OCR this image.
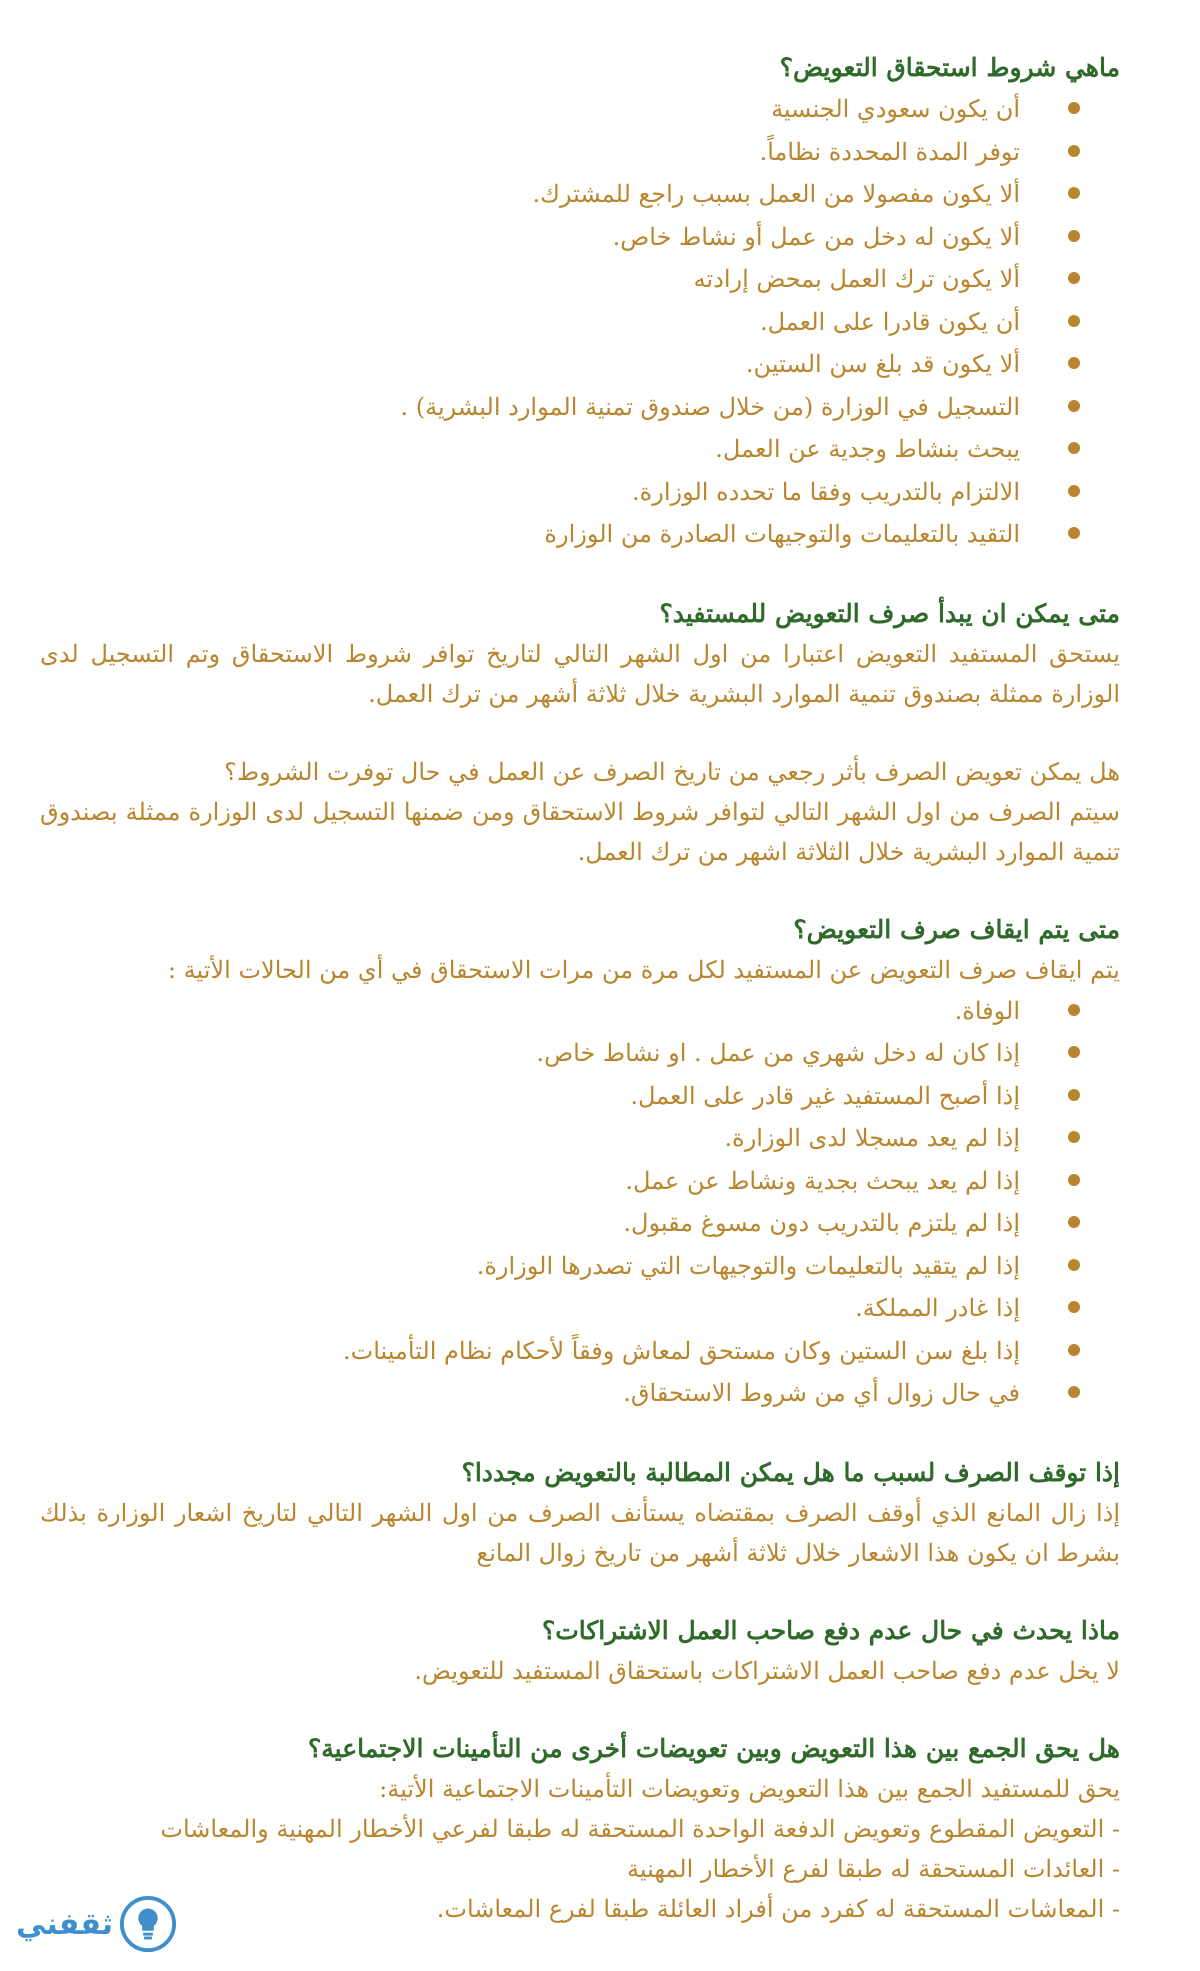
ماهي شروط استحقاق التعويض؟
أن يكون سعودي الجنسية
توفر المدة المحددة نظاماً.
ألا يكون مفصولا من العمل بسبب راجع للمشترك.
ألا يكون له دخل من عمل أو نشاط خاص.
ألا يكون ترك العمل بمحض إرادته
أن يكون قادرا على العمل.
ألا يكون قد بلغ سن الستين.
التسجيل في الوزارة (من خلال صندوق تمنية الموارد البشرية) .
يبحث بنشاط وجدية عن العمل.
الالتزام بالتدريب وفقا ما تحدده الوزارة.
التقيد بالتعليمات والتوجيهات الصادرة من الوزارة
متى يمكن ان يبدأ صرف التعويض للمستفيد؟

يستحق المستفيد التعويض اعتبارا من اول الشهر التالي لتاريخ توافر شروط الاستحقاق وتم التسجيل لدى الوزارة ممثلة بصندوق تنمية الموارد البشرية خلال ثلاثة أشهر من ترك العمل.

هل يمكن تعويض الصرف بأثر رجعي من تاريخ الصرف عن العمل في حال توفرت الشروط؟

سيتم الصرف من اول الشهر التالي لتوافر شروط الاستحقاق ومن ضمنها التسجيل لدى الوزارة ممثلة بصندوق تنمية الموارد البشرية خلال الثلاثة اشهر من ترك العمل.

متى يتم ايقاف صرف التعويض؟

يتم ايقاف صرف التعويض عن المستفيد لكل مرة من مرات الاستحقاق في أي من الحالات الأتية :

الوفاة.
إذا كان له دخل شهري من عمل . او نشاط خاص.
إذا أصبح المستفيد غير قادر على العمل.
إذا لم يعد مسجلا لدى الوزارة.
إذا لم يعد يبحث بجدية ونشاط عن عمل.
إذا لم يلتزم بالتدريب دون مسوغ مقبول.
إذا لم يتقيد بالتعليمات والتوجيهات التي تصدرها الوزارة.
إذا غادر المملكة.
إذا بلغ سن الستين وكان مستحق لمعاش وفقاً لأحكام نظام التأمينات.
في حال زوال أي من شروط الاستحقاق.
إذا توقف الصرف لسبب ما هل يمكن المطالبة بالتعويض مجددا؟

إذا زال المانع الذي أوقف الصرف بمقتضاه يستأنف الصرف من اول الشهر التالي لتاريخ اشعار الوزارة بذلك بشرط ان يكون هذا الاشعار خلال ثلاثة أشهر من تاريخ زوال المانع

ماذا يحدث في حال عدم دفع صاحب العمل الاشتراكات؟

لا يخل عدم دفع صاحب العمل الاشتراكات باستحقاق المستفيد للتعويض.

هل يحق الجمع بين هذا التعويض وبين تعويضات أخرى من التأمينات الاجتماعية؟

يحق للمستفيد الجمع بين هذا التعويض وتعويضات التأمينات الاجتماعية الأتية:

- التعويض المقطوع وتعويض الدفعة الواحدة المستحقة له طبقا لفرعي الأخطار المهنية والمعاشات

- العائدات المستحقة له طبقا لفرع الأخطار المهنية

- المعاشات المستحقة له كفرد من أفراد العائلة طبقا لفرع المعاشات.

ثقفني
